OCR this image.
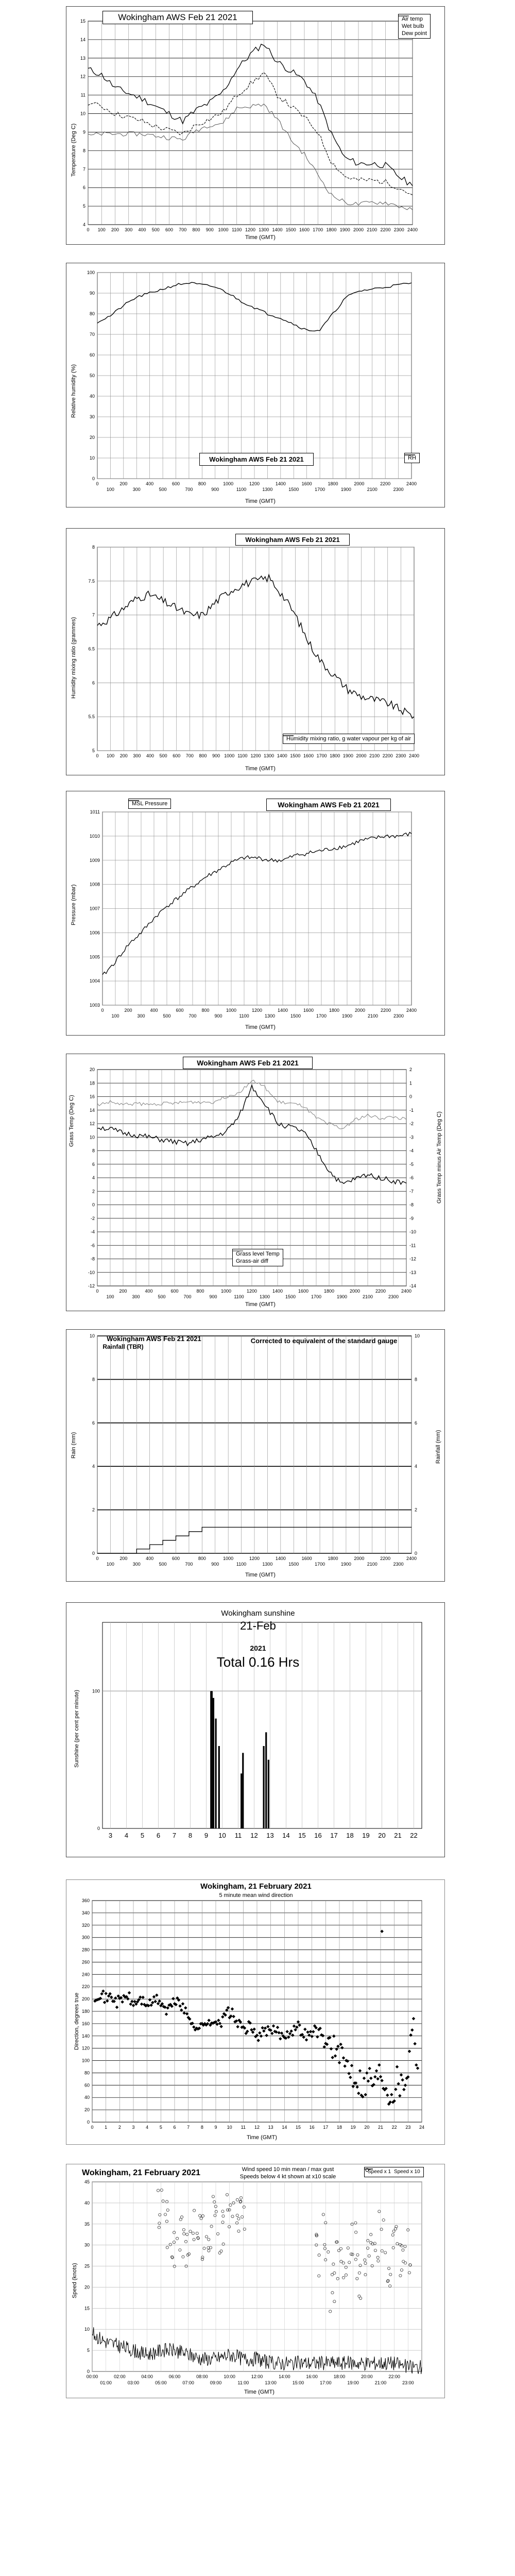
4
5
6
7
8
9
10
11
12
13
14
15
0 100 200 300 400 500 600 700 800 900 1000 1100 1200 1300 1400 1500 1600 1700 1800 1900 2000 2100 2200 2300 2400
Wokingham AWS Feb 21 2021	Air temp
Wet bulb
Dew point
Temperature (Deg C)
Time (GMT)
0
10
20
30
40
50
60
70
80
90
100
0
100
200
300
400
500
600
700
800
900
1000
1100
1200
1300
1400
1500
1600
1700
1800
1900
2000
2100
2200
2300
2400
Wokingham AWS Feb 21 2021	RH
Relative humidity (%)
Time (GMT)
5
5.5
6
6.5
7
7.5
8
0 100 200 300 400 500 600 700 800 900 1000 1100 1200 1300 1400 1500 1600 1700 1800 1900 2000 2100 2200 2300 2400
Wokingham AWS Feb 21 2021
Humidity mixing ratio, g water vapour per kg of air
Humidity mixing ratio (grammes)
Time (GMT)
1003
1004
1005
1006
1007
1008
1009
1010
1011
0
100
200
300
400
500
600
700
800
900
1000
1100
1200
1300
1400
1500
1600
1700
1800
1900
2000
2100
2200
2300
2400
Wokingham AWS Feb 21 2021
MSL Pressure
Pressure (mbar)
Time (GMT)
-12
-10
-8
-6
-4
-2
0
2
4
6
8
10
12
14
16
18
20
0
100
200
300
400
500
600
700
800
900
1000
1100
1200
1300
1400
1500
1600
1700
1800
1900
2000
2100
2200
2300
2400
-14
-13
-12
-11
-10
-9
-8
-7
-6
-5
-4
-3
-2
-1
0
1
2
Wokingham AWS Feb 21 2021
Grass level Temp
Grass-air diff
Grass Temp (Deg C)	Grass Temp minus Air Temp (Deg C)
Time (GMT)
0
2
4
6
8
10
0
100
200
300
400
500
600
700
800
900
1000
1100
1200
1300
1400
1500
1600
1700
1800
1900
2000
2100
2200
2300
2400
0
2
4
6
8
10
Wokingham AWS Feb 21 2021
Rainfall (TBR)
Corrected to equivalent of the standard gauge
Rain (mm)	Rainfall (mm)
Time (GMT)
0
100
3 4 5 6 7 8 9 10 11 12 13 14 15 16 17 18 19 20 21 22
Wokingham sunshine
21-Feb
2021
Total 0.16 Hrs
Sunshine (per cent per minute)
0
20
40
60
80
100
120
140
160
180
200
220
240
260
280
300
320
340
360
0 1 2 3 4 5 6 7 8 9 10 11 12 13 14 15 16 17 18 19 20 21 22 23 24
Wokingham, 21 February 2021
5 minute mean wind direction
Direction, degrees true
Time (GMT)
0
5
10
15
20
25
30
35
40
45
00:00	02:00	04:00	06:00	08:00	10:00	12:00	14:00	16:00	18:00	20:00	22:00
01:00	03:00	05:00	07:00	09:00	11:00	13:00	15:00	17:00	19:00	21:00	23:00
Wokingham, 21 February 2021	Wind speed 10 min mean / max gust
Speeds below 4 kt shown at x10 scale
Speed x 1 Speed x 10
Speed (knots)
Time (GMT)
